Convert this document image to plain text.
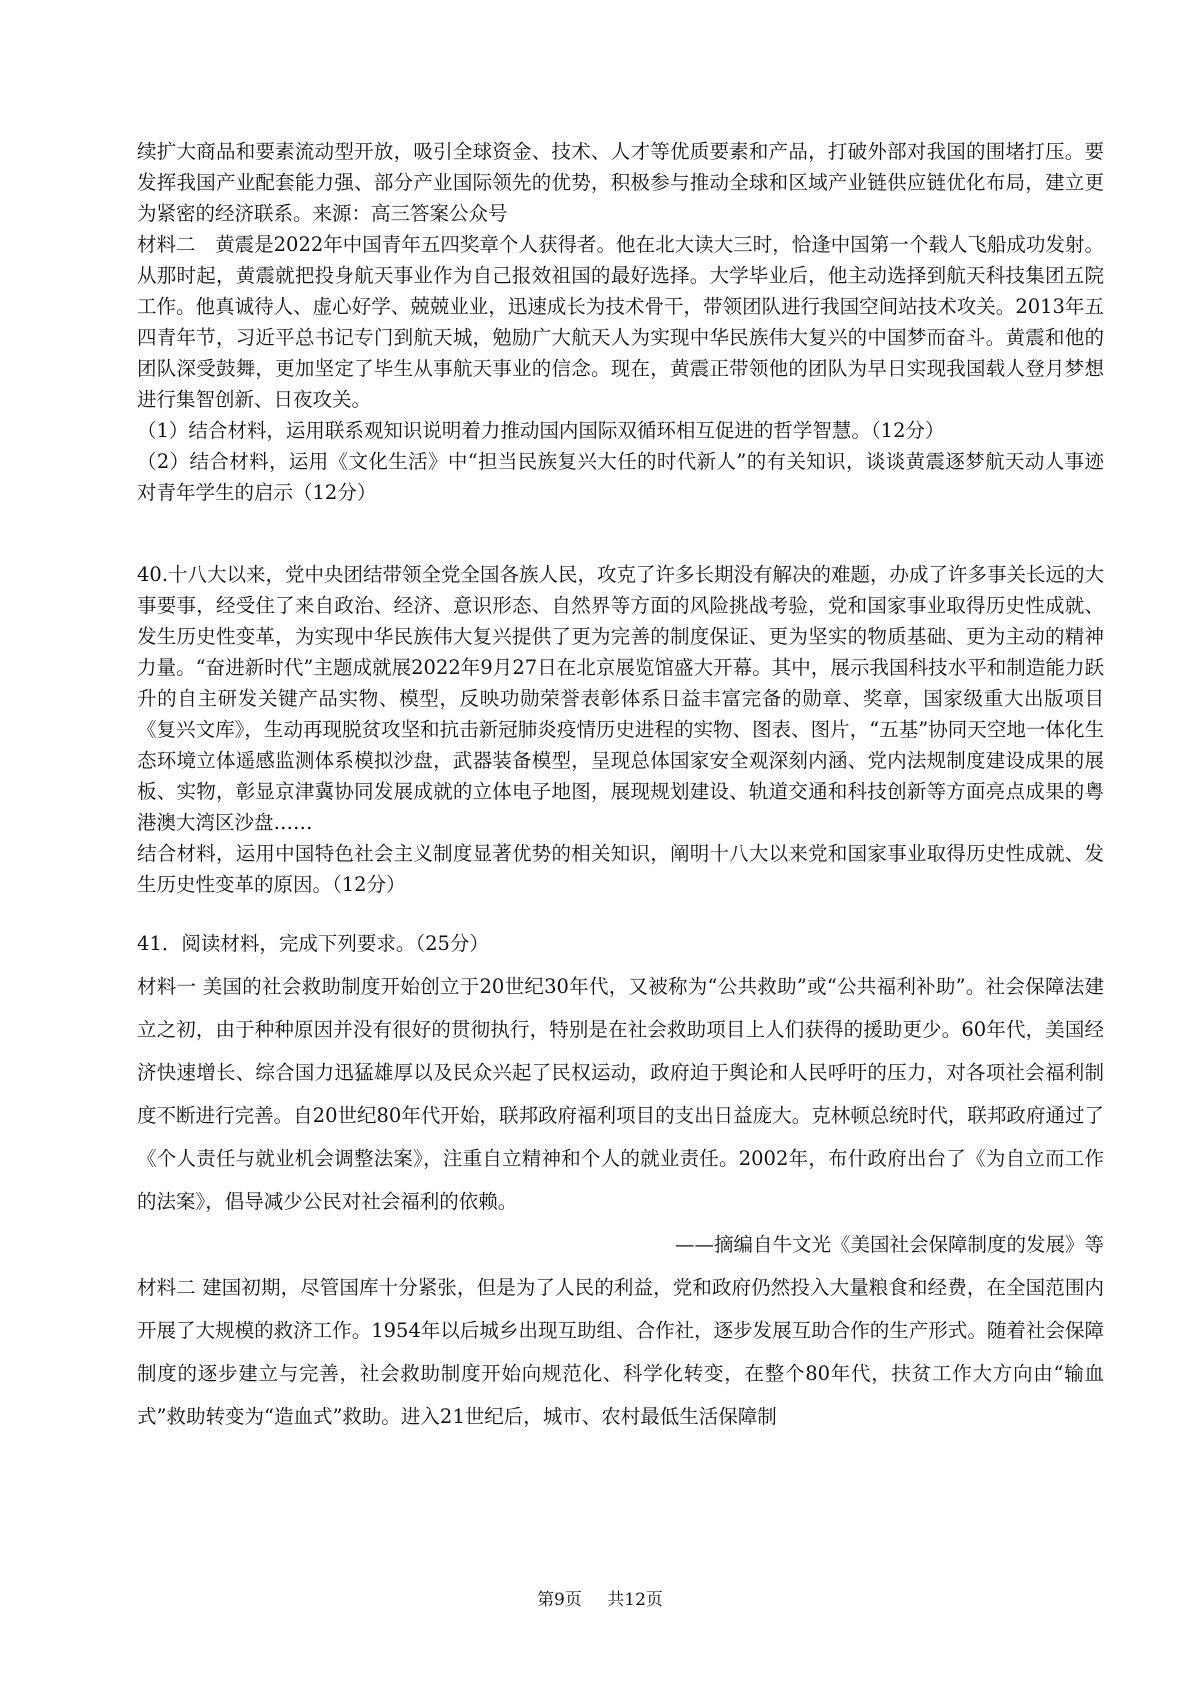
续扩大商品和要素流动型开放，吸引全球资金、技术、人才等优质要素和产品，打破外部对我国的围堵打压。要发挥我国产业配套能力强、部分产业国际领先的优势，积极参与推动全球和区域产业链供应链优化布局，建立更为紧密的经济联系。来源：高三答案公众号

材料二　黄震是2022年中国青年五四奖章个人获得者。他在北大读大三时，恰逢中国第一个载人飞船成功发射。从那时起，黄震就把投身航天事业作为自己报效祖国的最好选择。大学毕业后，他主动选择到航天科技集团五院工作。他真诚待人、虚心好学、兢兢业业，迅速成长为技术骨干，带领团队进行我国空间站技术攻关。2013年五四青年节，习近平总书记专门到航天城，勉励广大航天人为实现中华民族伟大复兴的中国梦而奋斗。黄震和他的团队深受鼓舞，更加坚定了毕生从事航天事业的信念。现在，黄震正带领他的团队为早日实现我国载人登月梦想进行集智创新、日夜攻关。

（1）结合材料，运用联系观知识说明着力推动国内国际双循环相互促进的哲学智慧。（12分）

（2）结合材料，运用《文化生活》中“担当民族复兴大任的时代新人”的有关知识，谈谈黄震逐梦航天动人事迹对青年学生的启示（12分）

40.十八大以来，党中央团结带领全党全国各族人民，攻克了许多长期没有解决的难题，办成了许多事关长远的大事要事，经受住了来自政治、经济、意识形态、自然界等方面的风险挑战考验，党和国家事业取得历史性成就、发生历史性变革，为实现中华民族伟大复兴提供了更为完善的制度保证、更为坚实的物质基础、更为主动的精神力量。“奋进新时代”主题成就展2022年9月27日在北京展览馆盛大开幕。其中，展示我国科技水平和制造能力跃升的自主研发关键产品实物、模型，反映功勋荣誉表彰体系日益丰富完备的勋章、奖章，国家级重大出版项目《复兴文库》，生动再现脱贫攻坚和抗击新冠肺炎疫情历史进程的实物、图表、图片，“五基”协同天空地一体化生态环境立体遥感监测体系模拟沙盘，武器装备模型，呈现总体国家安全观深刻内涵、党内法规制度建设成果的展板、实物，彰显京津冀协同发展成就的立体电子地图，展现规划建设、轨道交通和科技创新等方面亮点成果的粤港澳大湾区沙盘……

结合材料，运用中国特色社会主义制度显著优势的相关知识，阐明十八大以来党和国家事业取得历史性成就、发生历史性变革的原因。（12分）

41．阅读材料，完成下列要求。（25分）

材料一 美国的社会救助制度开始创立于20世纪30年代，又被称为“公共救助”或“公共福利补助”。社会保障法建立之初，由于种种原因并没有很好的贯彻执行，特别是在社会救助项目上人们获得的援助更少。60年代，美国经济快速增长、综合国力迅猛雄厚以及民众兴起了民权运动，政府迫于舆论和人民呼吁的压力，对各项社会福利制度不断进行完善。自20世纪80年代开始，联邦政府福利项目的支出日益庞大。克林顿总统时代，联邦政府通过了《个人责任与就业机会调整法案》，注重自立精神和个人的就业责任。2002年，布什政府出台了《为自立而工作的法案》，倡导减少公民对社会福利的依赖。

——摘编自牛文光《美国社会保障制度的发展》等

材料二 建国初期，尽管国库十分紧张，但是为了人民的利益，党和政府仍然投入大量粮食和经费，在全国范围内开展了大规模的救济工作。1954年以后城乡出现互助组、合作社，逐步发展互助合作的生产形式。随着社会保障制度的逐步建立与完善，社会救助制度开始向规范化、科学化转变，在整个80年代，扶贫工作大方向由“输血式”救助转变为“造血式”救助。进入21世纪后，城市、农村最低生活保障制

第9页 共12页
